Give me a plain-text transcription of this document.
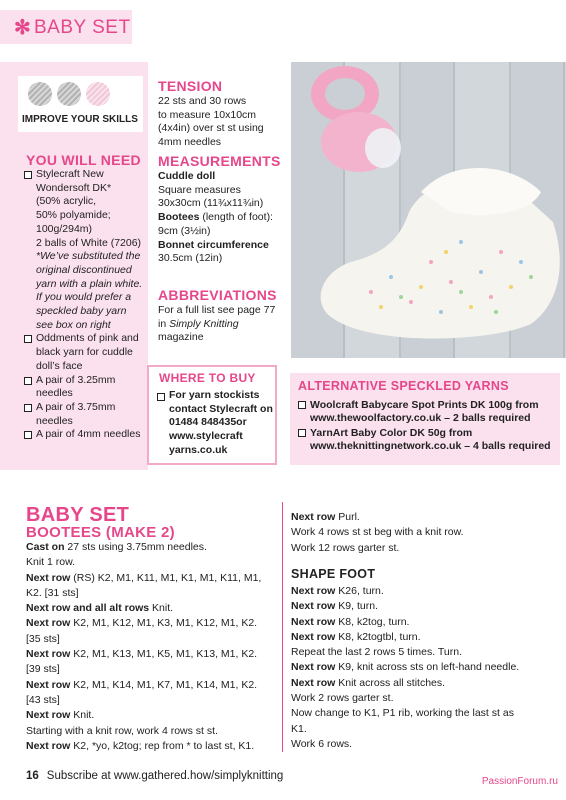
✻ BABY SET
IMPROVE YOUR SKILLS
YOU WILL NEED
Stylecraft New
Wondersoft DK*
(50% acrylic,
50% polyamide;
100g/294m)
2 balls of White (7206)
*We’ve substituted the
original discontinued
yarn with a plain white.
If you would prefer a
speckled baby yarn
see box on right
Oddments of pink and
black yarn for cuddle
doll’s face
A pair of 3.25mm
needles
A pair of 3.75mm
needles
A pair of 4mm needles
TENSION
22 sts and 30 rows
to measure 10x10cm
(4x4in) over st st using
4mm needles
MEASUREMENTS
Cuddle doll
Square measures
30x30cm (11¾x11¾in)
Bootees (length of foot):
9cm (3½in)
Bonnet circumference
30.5cm (12in)
ABBREVIATIONS
For a full list see page 77
in Simply Knitting
magazine
WHERE TO BUY
For yarn stockists
contact Stylecraft on
01484 848435or
www.stylecraft
yarns.co.uk
ALTERNATIVE SPECKLED YARNS
Woolcraft Babycare Spot Prints DK 100g from
www.thewoolfactory.co.uk – 2 balls required
YarnArt Baby Color DK 50g from
www.theknittingnetwork.co.uk – 4 balls required
BABY SET
BOOTEES (MAKE 2)
Cast on 27 sts using 3.75mm needles.
Knit 1 row.
Next row (RS) K2, M1, K11, M1, K1, M1, K11, M1,
K2. [31 sts]
Next row and all alt rows Knit.
Next row K2, M1, K12, M1, K3, M1, K12, M1, K2.
[35 sts]
Next row K2, M1, K13, M1, K5, M1, K13, M1, K2.
[39 sts]
Next row K2, M1, K14, M1, K7, M1, K14, M1, K2.
[43 sts]
Next row Knit.
Starting with a knit row, work 4 rows st st.
Next row K2, *yo, k2tog; rep from * to last st, K1.
Next row Purl.
Work 4 rows st st beg with a knit row.
Work 12 rows garter st.
SHAPE FOOT
Next row K26, turn.
Next row K9, turn.
Next row K8, k2tog, turn.
Next row K8, k2togtbl, turn.
Repeat the last 2 rows 5 times. Turn.
Next row K9, knit across sts on left-hand needle.
Next row Knit across all stitches.
Work 2 rows garter st.
Now change to K1, P1 rib, working the last st as
K1.
Work 6 rows.
16 Subscribe at www.gathered.how/simplyknitting	PassionForum.ru
